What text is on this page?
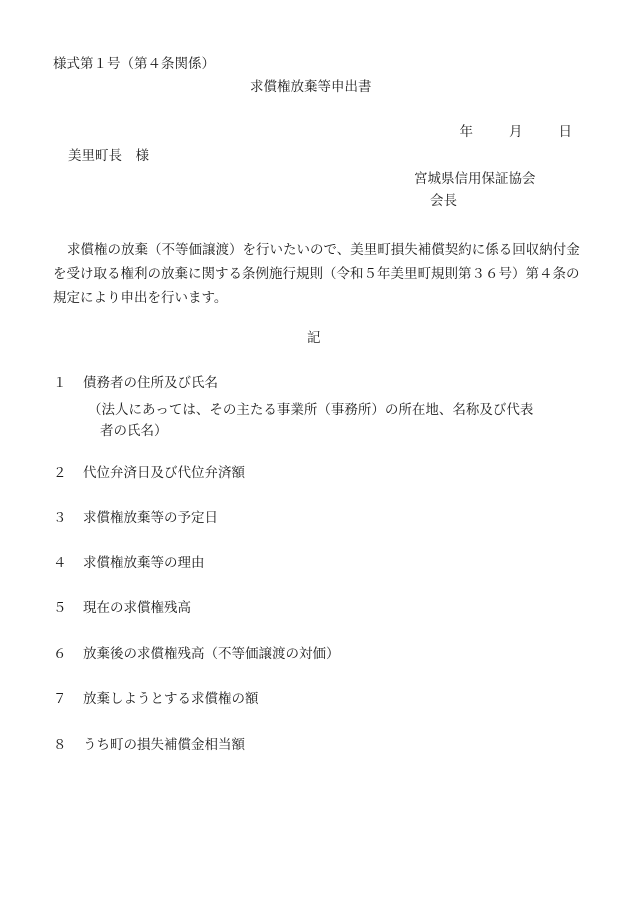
様式第１号（第４条関係）
求償権放棄等申出書
年	月	日
美里町長　様
宮城県信用保証協会
会長
求償権の放棄（不等価譲渡）を行いたいので、美里町損失補償契約に係る回収納付金を受け取る権利の放棄に関する条例施行規則（令和５年美里町規則第３６号）第４条の規定により申出を行います。
記
１ 債務者の住所及び氏名
（法人にあっては、その主たる事業所（事務所）の所在地、名称及び代表
者の氏名）
２ 代位弁済日及び代位弁済額
３ 求償権放棄等の予定日
４ 求償権放棄等の理由
５ 現在の求償権残高
６ 放棄後の求償権残高（不等価譲渡の対価）
７ 放棄しようとする求償権の額
８ うち町の損失補償金相当額
